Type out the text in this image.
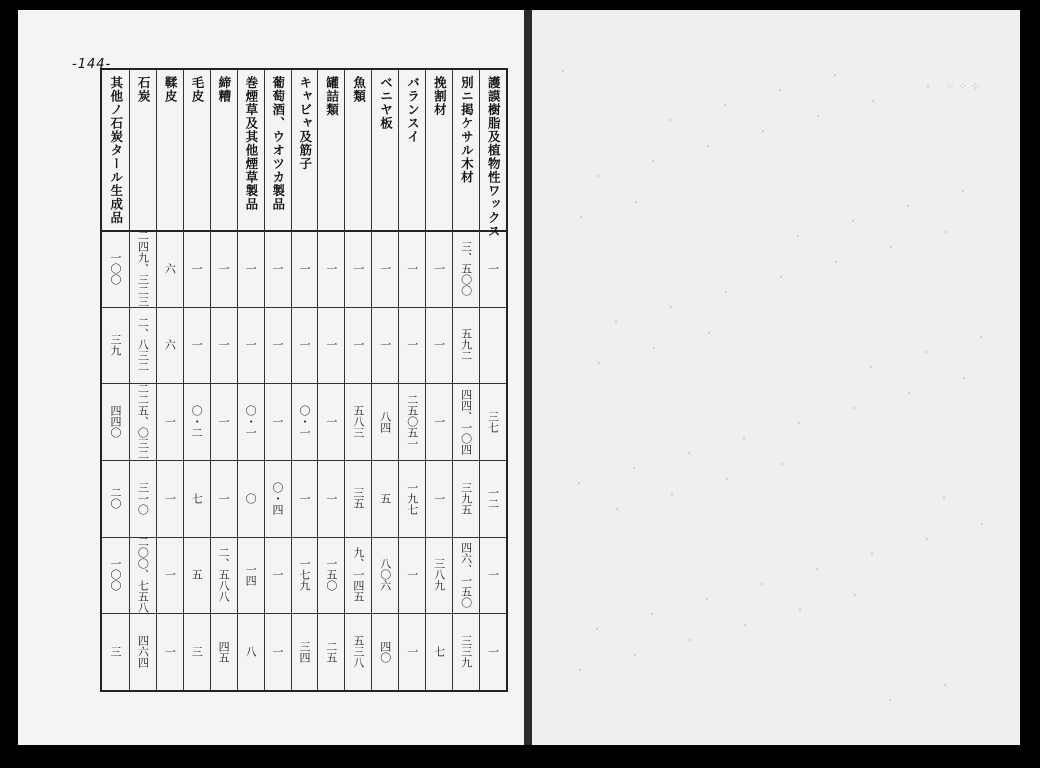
⁘ ⁘ ⁘
-144-
護謨樹脂及植物性ワックス
一
三七
一二
一
一
別ニ掲ケサル木材
三、五〇〇
五九二
四四、一〇四
三九五
四六、一五〇
三三九
挽割材
一
一
一
一
三八九
七
バランスイ
一
一
二五〇五一
一九七
一
一
ベニヤ板
一
一
八四
五
八〇六
四〇
魚類
一
一
五八三
三五
九、一四五
五三八
罐詰類
一
一
一
一
一五〇
二五
キャビャ及筋子
一
一
〇・一
一
一七九
三四
葡萄酒、ウオツカ製品
一
一
一
〇・四
一
一
巻煙草及其他煙草製品
一
一
〇・一
〇
一四
八
締糟
一
一
一
一
二、五八八
四五
毛皮
一
一
〇・二
七
五
三
鞣皮
六
六
一
一
一
一
石炭
二四九、三二三
二、八三二
二二五、〇三二
三一〇
二〇〇、七五八
四六四
其他ノ石炭タール生成品
一〇〇
三九
四四〇
二〇
一〇〇
三
